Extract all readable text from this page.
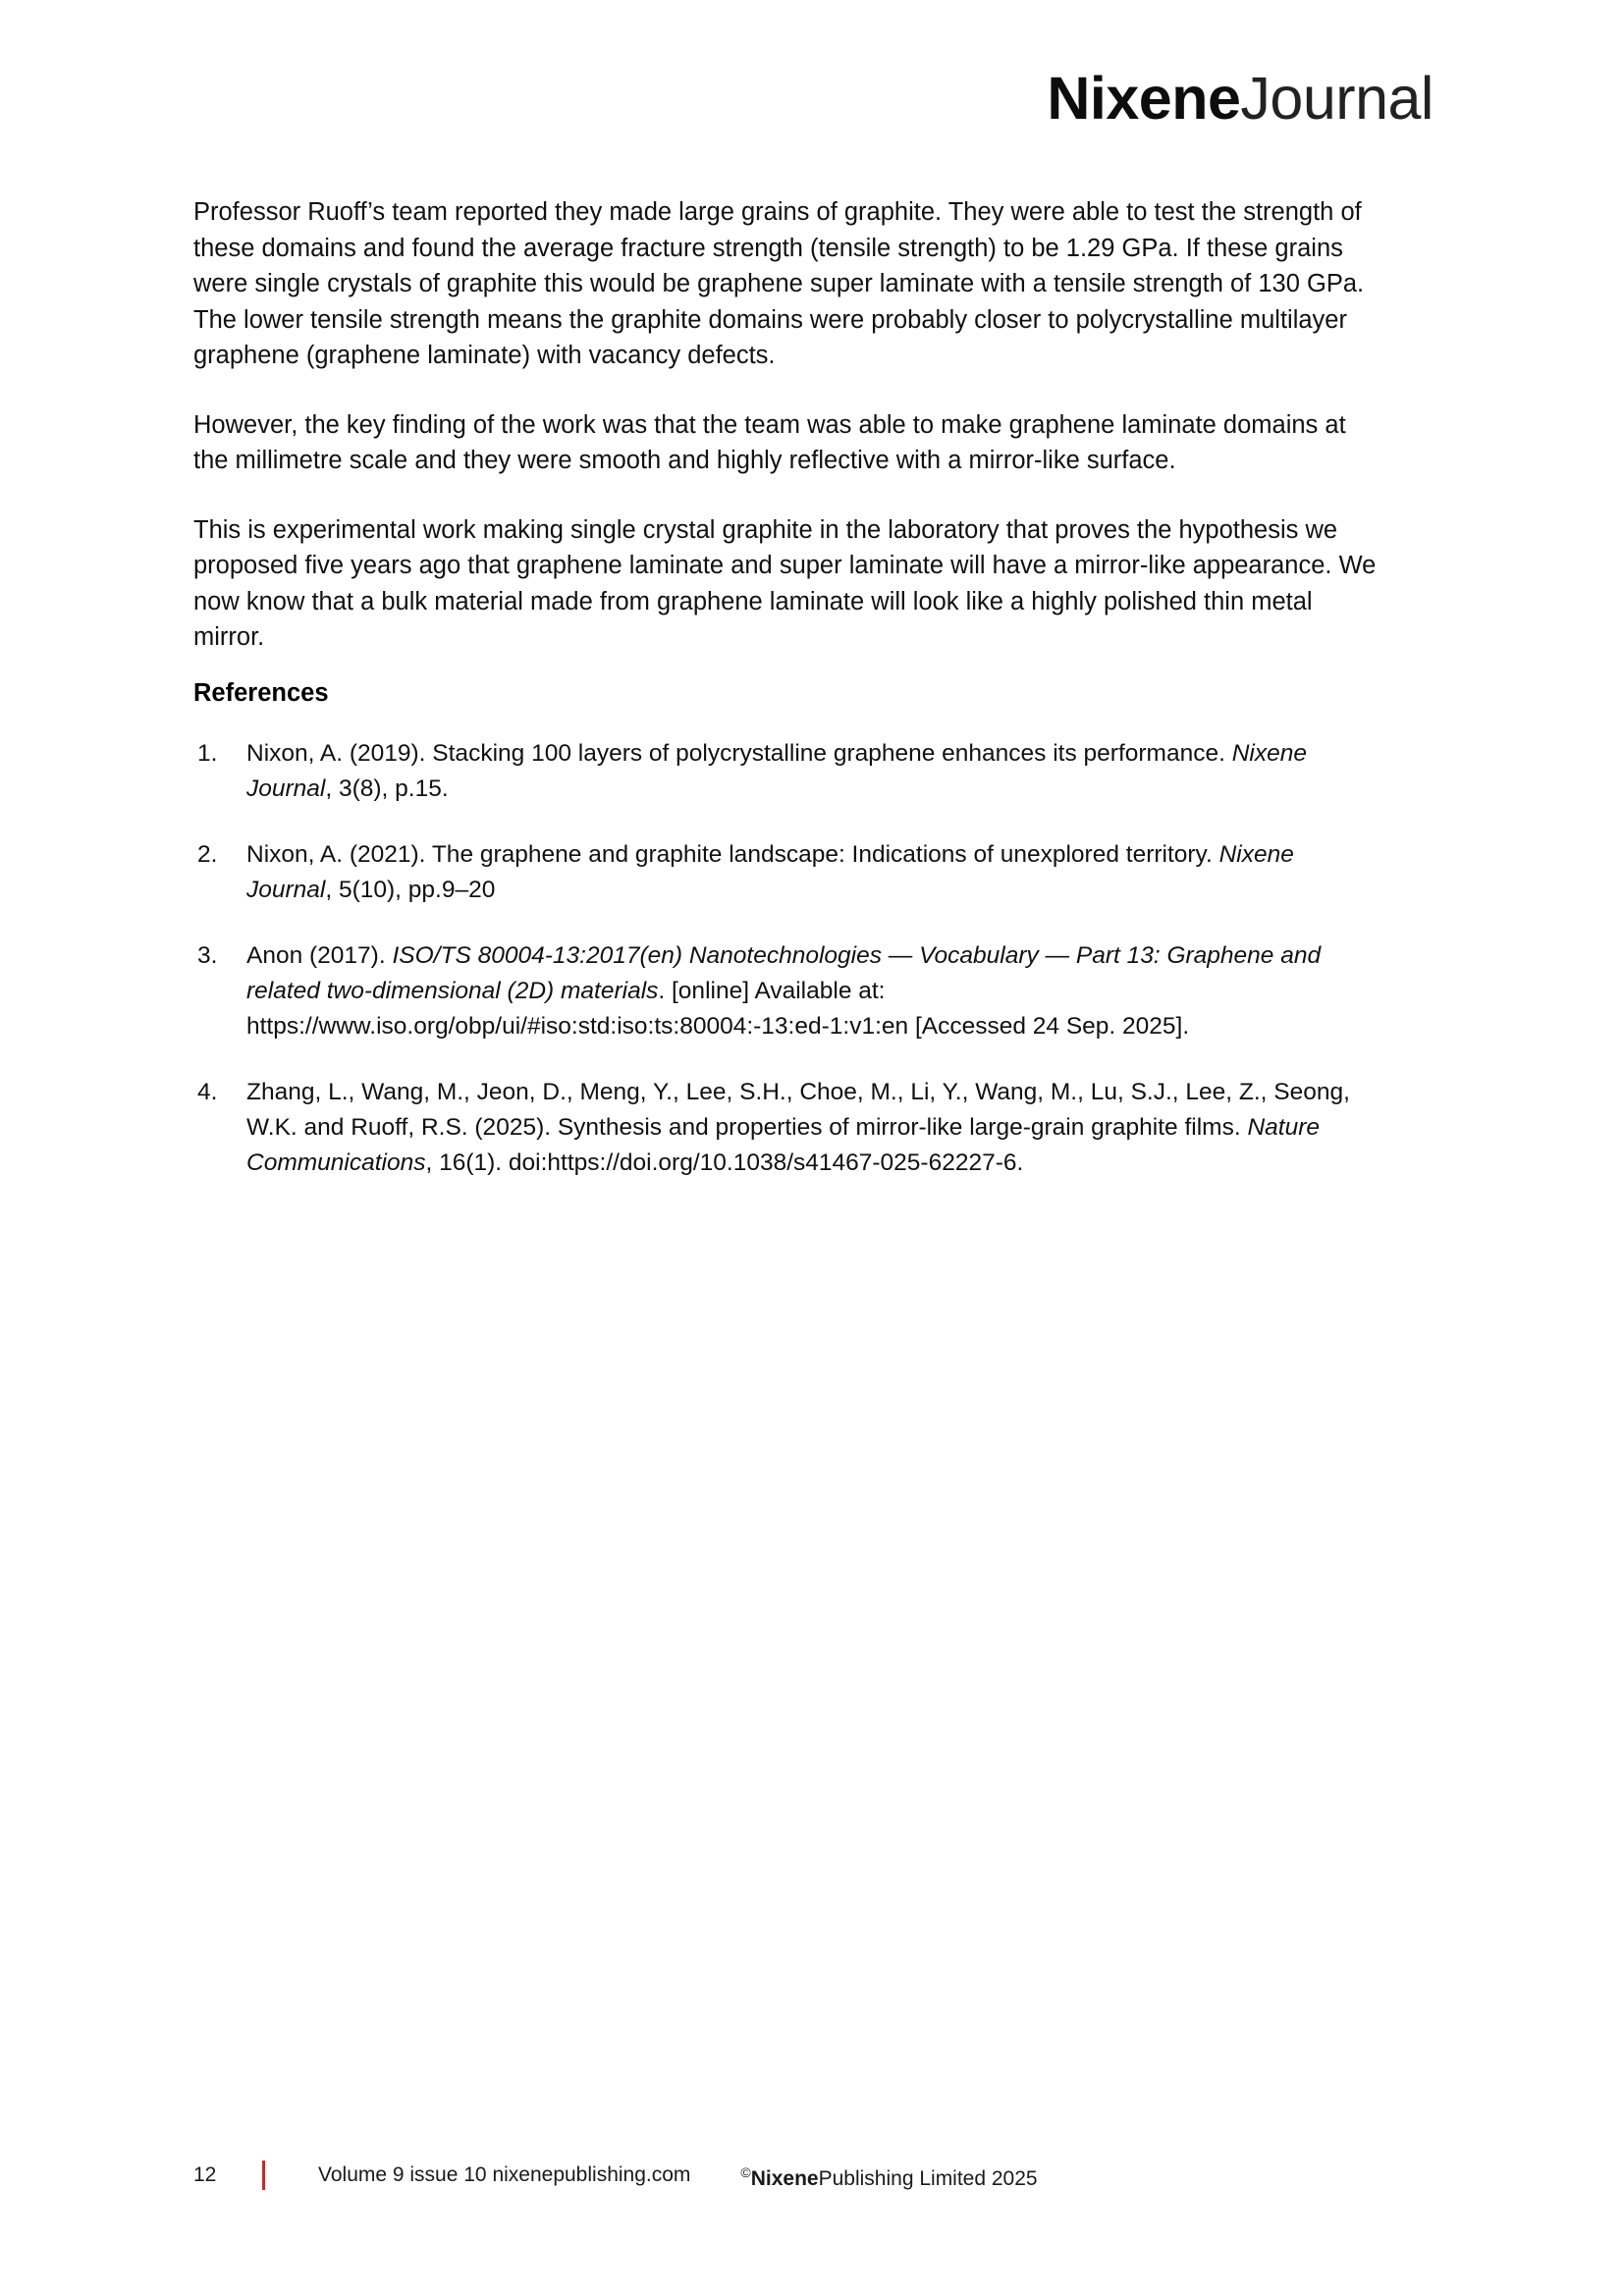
NixeneJournal

Professor Ruoff’s team reported they made large grains of graphite. They were able to test the strength of these domains and found the average fracture strength (tensile strength) to be 1.29 GPa. If these grains were single crystals of graphite this would be graphene super laminate with a tensile strength of 130 GPa. The lower tensile strength means the graphite domains were probably closer to polycrystalline multilayer graphene (graphene laminate) with vacancy defects.

However, the key finding of the work was that the team was able to make graphene laminate domains at the millimetre scale and they were smooth and highly reflective with a mirror-like surface.

This is experimental work making single crystal graphite in the laboratory that proves the hypothesis we proposed five years ago that graphene laminate and super laminate will have a mirror-like appearance. We now know that a bulk material made from graphene laminate will look like a highly polished thin metal mirror.

References
1.	Nixon, A. (2019). Stacking 100 layers of polycrystalline graphene enhances its performance. Nixene Journal, 3(8), p.15.
2.	Nixon, A. (2021). The graphene and graphite landscape: Indications of unexplored territory. Nixene Journal, 5(10), pp.9–20
3.	Anon (2017). ISO/TS 80004-13:2017(en) Nanotechnologies — Vocabulary — Part 13: Graphene and related two-dimensional (2D) materials. [online] Available at: https://www.iso.org/obp/ui/#iso:std:iso:ts:80004:-13:ed-1:v1:en [Accessed 24 Sep. 2025].
4.	Zhang, L., Wang, M., Jeon, D., Meng, Y., Lee, S.H., Choe, M., Li, Y., Wang, M., Lu, S.J., Lee, Z., Seong, W.K. and Ruoff, R.S. (2025). Synthesis and properties of mirror-like large-grain graphite films. Nature Communications, 16(1). doi:https://doi.org/10.1038/s41467-025-62227-6.
12	Volume 9 issue 10 nixenepublishing.com	©NixenePublishing Limited 2025
